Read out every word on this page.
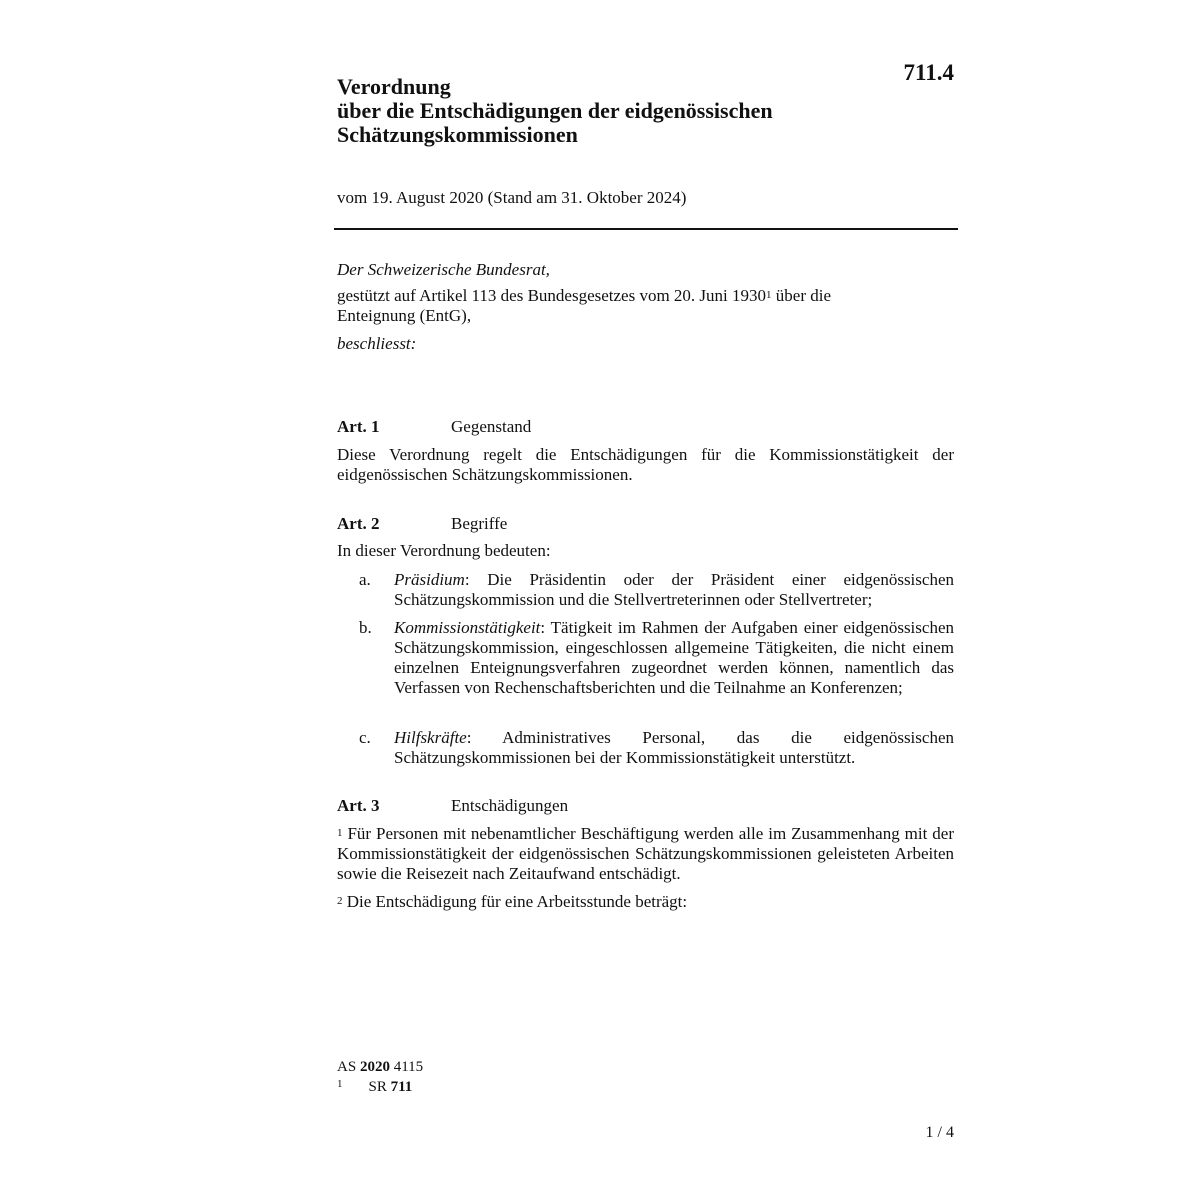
711.4
Verordnung
über die Entschädigungen der eidgenössischen
Schätzungskommissionen
vom 19. August 2020 (Stand am 31. Oktober 2024)
Der Schweizerische Bundesrat,
gestützt auf Artikel 113 des Bundesgesetzes vom 20. Juni 1930$^1$ über die Enteignung (EntG),
beschliesst:
Art. 1	Gegenstand
Diese Verordnung regelt die Entschädigungen für die Kommissionstätigkeit der eidgenössischen Schätzungskommissionen.
Art. 2	Begriffe
In dieser Verordnung bedeuten:
a. Präsidium: Die Präsidentin oder der Präsident einer eidgenössischen Schätzungskommission und die Stellvertreterinnen oder Stellvertreter;
b. Kommissionstätigkeit: Tätigkeit im Rahmen der Aufgaben einer eidgenössischen Schätzungskommission, eingeschlossen allgemeine Tätigkeiten, die nicht einem einzelnen Enteignungsverfahren zugeordnet werden können, namentlich das Verfassen von Rechenschaftsberichten und die Teilnahme an Konferenzen;
c. Hilfskräfte: Administratives Personal, das die eidgenössischen Schätzungskommissionen bei der Kommissionstätigkeit unterstützt.
Art. 3	Entschädigungen
$^1$ Für Personen mit nebenamtlicher Beschäftigung werden alle im Zusammenhang mit der Kommissionstätigkeit der eidgenössischen Schätzungskommissionen geleisteten Arbeiten sowie die Reisezeit nach Zeitaufwand entschädigt.
$^2$ Die Entschädigung für eine Arbeitsstunde beträgt:
AS 2020 4115
$^1$ SR 711
1 / 4
